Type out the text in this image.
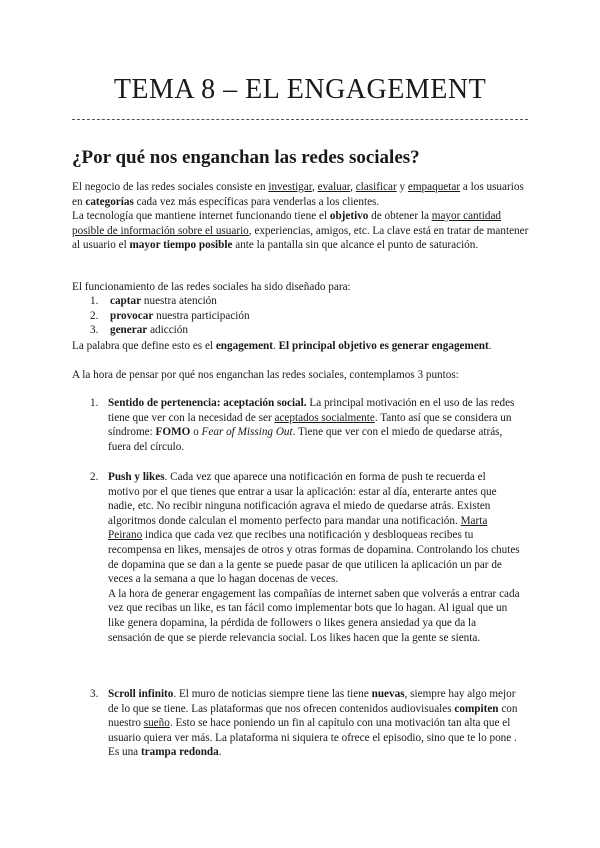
TEMA 8 – EL ENGAGEMENT
¿Por qué nos enganchan las redes sociales?

El negocio de las redes sociales consiste en investigar, evaluar, clasificar y empaquetar a los usuarios en categorías cada vez más específicas para venderlas a los clientes.

La tecnología que mantiene internet funcionando tiene el objetivo de obtener la mayor cantidad posible de información sobre el usuario, experiencias, amigos, etc. La clave está en tratar de mantener al usuario el mayor tiempo posible ante la pantalla sin que alcance el punto de saturación.

El funcionamiento de las redes sociales ha sido diseñado para:

1. captar nuestra atención
2. provocar nuestra participación
3. generar adicción

La palabra que define esto es el engagement. El principal objetivo es generar engagement.

A la hora de pensar por qué nos enganchan las redes sociales, contemplamos 3 puntos:

1. Sentido de pertenencia: aceptación social. La principal motivación en el uso de las redes tiene que ver con la necesidad de ser aceptados socialmente. Tanto así que se considera un síndrome: FOMO o Fear of Missing Out. Tiene que ver con el miedo de quedarse atrás, fuera del círculo.
2. Push y likes. Cada vez que aparece una notificación en forma de push te recuerda el motivo por el que tienes que entrar a usar la aplicación: estar al día, enterarte antes que nadie, etc. No recibir ninguna notificación agrava el miedo de quedarse atrás. Existen algoritmos donde calculan el momento perfecto para mandar una notificación. Marta Peirano indica que cada vez que recibes una notificación y desbloqueas recibes tu recompensa en likes, mensajes de otros y otras formas de dopamina. Controlando los chutes de dopamina que se dan a la gente se puede pasar de que utilicen la aplicación un par de veces a la semana a que lo hagan docenas de veces.
A la hora de generar engagement las compañías de internet saben que volverás a entrar cada vez que recibas un like, es tan fácil como implementar bots que lo hagan. Al igual que un like genera dopamina, la pérdida de followers o likes genera ansiedad ya que da la sensación de que se pierde relevancia social. Los likes hacen que la gente se sienta.
3. Scroll infinito. El muro de noticias siempre tiene las tiene nuevas, siempre hay algo mejor de lo que se tiene. Las plataformas que nos ofrecen contenidos audiovisuales compiten con nuestro sueño. Esto se hace poniendo un fin al capítulo con una motivación tan alta que el usuario quiera ver más. La plataforma ni siquiera te ofrece el episodio, sino que te lo pone . Es una trampa redonda.
